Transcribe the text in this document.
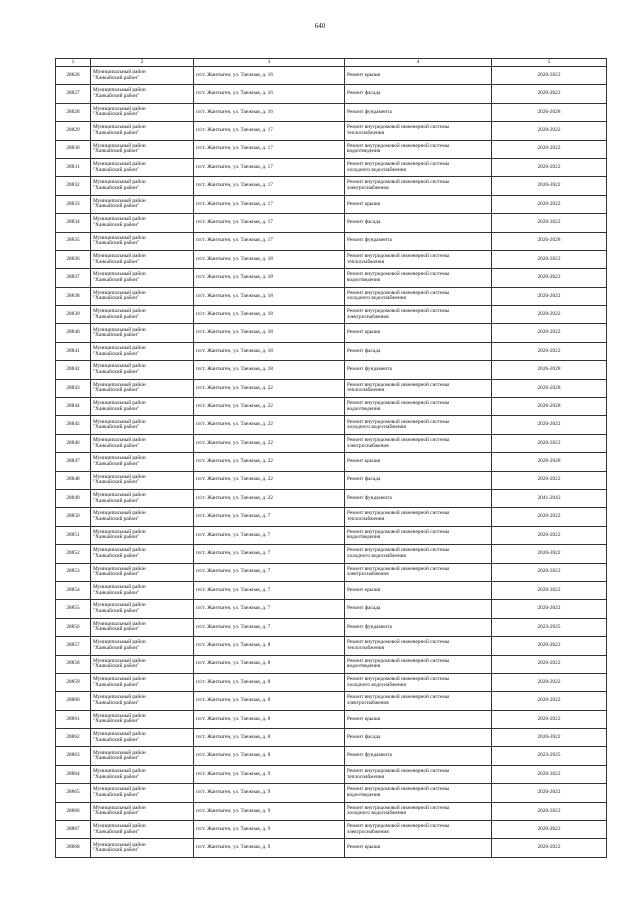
640
1	2	3	4	5
28826	Муниципальный район
"Ханкайский район"	п/ст. Жантыген, ул. Таежная, д. 16	Ремонт крыши	2020-2022
28827	Муниципальный район
"Ханкайский район"	п/ст. Жантыген, ул. Таежная, д. 16	Ремонт фасада	2020-2022
28828	Муниципальный район
"Ханкайский район"	п/ст. Жантыген, ул. Таежная, д. 16	Ремонт фундамента	2026-2028
28829	Муниципальный район
"Ханкайский район"	п/ст. Жантыген, ул. Таежная, д. 17	Ремонт внутридомовой инженерной системы
теплоснабжения	2020-2022
28830	Муниципальный район
"Ханкайский район"	п/ст. Жантыген, ул. Таежная, д. 17	Ремонт внутридомовой инженерной системы
водоотведения	2020-2022
28831	Муниципальный район
"Ханкайский район"	п/ст. Жантыген, ул. Таежная, д. 17	Ремонт внутридомовой инженерной системы
холодного водоснабжения	2020-2022
28832	Муниципальный район
"Ханкайский район"	п/ст. Жантыген, ул. Таежная, д. 17	Ремонт внутридомовой инженерной системы
электроснабжения	2020-2022
28833	Муниципальный район
"Ханкайский район"	п/ст. Жантыген, ул. Таежная, д. 17	Ремонт крыши	2020-2022
28834	Муниципальный район
"Ханкайский район"	п/ст. Жантыген, ул. Таежная, д. 17	Ремонт фасада	2020-2022
28835	Муниципальный район
"Ханкайский район"	п/ст. Жантыген, ул. Таежная, д. 17	Ремонт фундамента	2026-2028
28836	Муниципальный район
"Ханкайский район"	п/ст. Жантыген, ул. Таежная, д. 18	Ремонт внутридомовой инженерной системы
теплоснабжения	2020-2022
28837	Муниципальный район
"Ханкайский район"	п/ст. Жантыген, ул. Таежная, д. 18	Ремонт внутридомовой инженерной системы
водоотведения	2020-2022
28838	Муниципальный район
"Ханкайский район"	п/ст. Жантыген, ул. Таежная, д. 18	Ремонт внутридомовой инженерной системы
холодного водоснабжения	2020-2022
28839	Муниципальный район
"Ханкайский район"	п/ст. Жантыген, ул. Таежная, д. 18	Ремонт внутридомовой инженерной системы
электроснабжения	2020-2022
28840	Муниципальный район
"Ханкайский район"	п/ст. Жантыген, ул. Таежная, д. 18	Ремонт крыши	2020-2022
28841	Муниципальный район
"Ханкайский район"	п/ст. Жантыген, ул. Таежная, д. 18	Ремонт фасада	2020-2022
28842	Муниципальный район
"Ханкайский район"	п/ст. Жантыген, ул. Таежная, д. 18	Ремонт фундамента	2026-2028
28843	Муниципальный район
"Ханкайский район"	п/ст. Жантыген, ул. Таежная, д. 22	Ремонт внутридомовой инженерной системы
теплоснабжения	2026-2028
28844	Муниципальный район
"Ханкайский район"	п/ст. Жантыген, ул. Таежная, д. 22	Ремонт внутридомовой инженерной системы
водоотведения	2026-2028
28845	Муниципальный район
"Ханкайский район"	п/ст. Жантыген, ул. Таежная, д. 22	Ремонт внутридомовой инженерной системы
холодного водоснабжения	2020-2022
28846	Муниципальный район
"Ханкайский район"	п/ст. Жантыген, ул. Таежная, д. 22	Ремонт внутридомовой инженерной системы
электроснабжения	2020-2022
28847	Муниципальный район
"Ханкайский район"	п/ст. Жантыген, ул. Таежная, д. 22	Ремонт крыши	2026-2028
28848	Муниципальный район
"Ханкайский район"	п/ст. Жантыген, ул. Таежная, д. 22	Ремонт фасада	2020-2022
28849	Муниципальный район
"Ханкайский район"	п/ст. Жантыген, ул. Таежная, д. 22	Ремонт фундамента	2041-2043
28850	Муниципальный район
"Ханкайский район"	п/ст. Жантыген, ул. Таежная, д. 7	Ремонт внутридомовой инженерной системы
теплоснабжения	2020-2022
28851	Муниципальный район
"Ханкайский район"	п/ст. Жантыген, ул. Таежная, д. 7	Ремонт внутридомовой инженерной системы
водоотведения	2020-2022
28852	Муниципальный район
"Ханкайский район"	п/ст. Жантыген, ул. Таежная, д. 7	Ремонт внутридомовой инженерной системы
холодного водоснабжения	2020-2022
28853	Муниципальный район
"Ханкайский район"	п/ст. Жантыген, ул. Таежная, д. 7	Ремонт внутридомовой инженерной системы
электроснабжения	2020-2022
28854	Муниципальный район
"Ханкайский район"	п/ст. Жантыген, ул. Таежная, д. 7	Ремонт крыши	2020-2022
28855	Муниципальный район
"Ханкайский район"	п/ст. Жантыген, ул. Таежная, д. 7	Ремонт фасада	2020-2022
28856	Муниципальный район
"Ханкайский район"	п/ст. Жантыген, ул. Таежная, д. 7	Ремонт фундамента	2023-2025
28857	Муниципальный район
"Ханкайский район"	п/ст. Жантыген, ул. Таежная, д. 8	Ремонт внутридомовой инженерной системы
теплоснабжения	2020-2022
28858	Муниципальный район
"Ханкайский район"	п/ст. Жантыген, ул. Таежная, д. 8	Ремонт внутридомовой инженерной системы
водоотведения	2020-2022
28859	Муниципальный район
"Ханкайский район"	п/ст. Жантыген, ул. Таежная, д. 8	Ремонт внутридомовой инженерной системы
холодного водоснабжения	2020-2022
28860	Муниципальный район
"Ханкайский район"	п/ст. Жантыген, ул. Таежная, д. 8	Ремонт внутридомовой инженерной системы
электроснабжения	2020-2022
28861	Муниципальный район
"Ханкайский район"	п/ст. Жантыген, ул. Таежная, д. 8	Ремонт крыши	2020-2022
28862	Муниципальный район
"Ханкайский район"	п/ст. Жантыген, ул. Таежная, д. 8	Ремонт фасада	2020-2022
28863	Муниципальный район
"Ханкайский район"	п/ст. Жантыген, ул. Таежная, д. 8	Ремонт фундамента	2023-2025
28864	Муниципальный район
"Ханкайский район"	п/ст. Жантыген, ул. Таежная, д. 9	Ремонт внутридомовой инженерной системы
теплоснабжения	2020-2022
28865	Муниципальный район
"Ханкайский район"	п/ст. Жантыген, ул. Таежная, д. 9	Ремонт внутридомовой инженерной системы
водоотведения	2020-2022
28866	Муниципальный район
"Ханкайский район"	п/ст. Жантыген, ул. Таежная, д. 9	Ремонт внутридомовой инженерной системы
холодного водоснабжения	2020-2022
28867	Муниципальный район
"Ханкайский район"	п/ст. Жантыген, ул. Таежная, д. 9	Ремонт внутридомовой инженерной системы
электроснабжения	2020-2022
28868	Муниципальный район
"Ханкайский район"	п/ст. Жантыген, ул. Таежная, д. 9	Ремонт крыши	2020-2022
